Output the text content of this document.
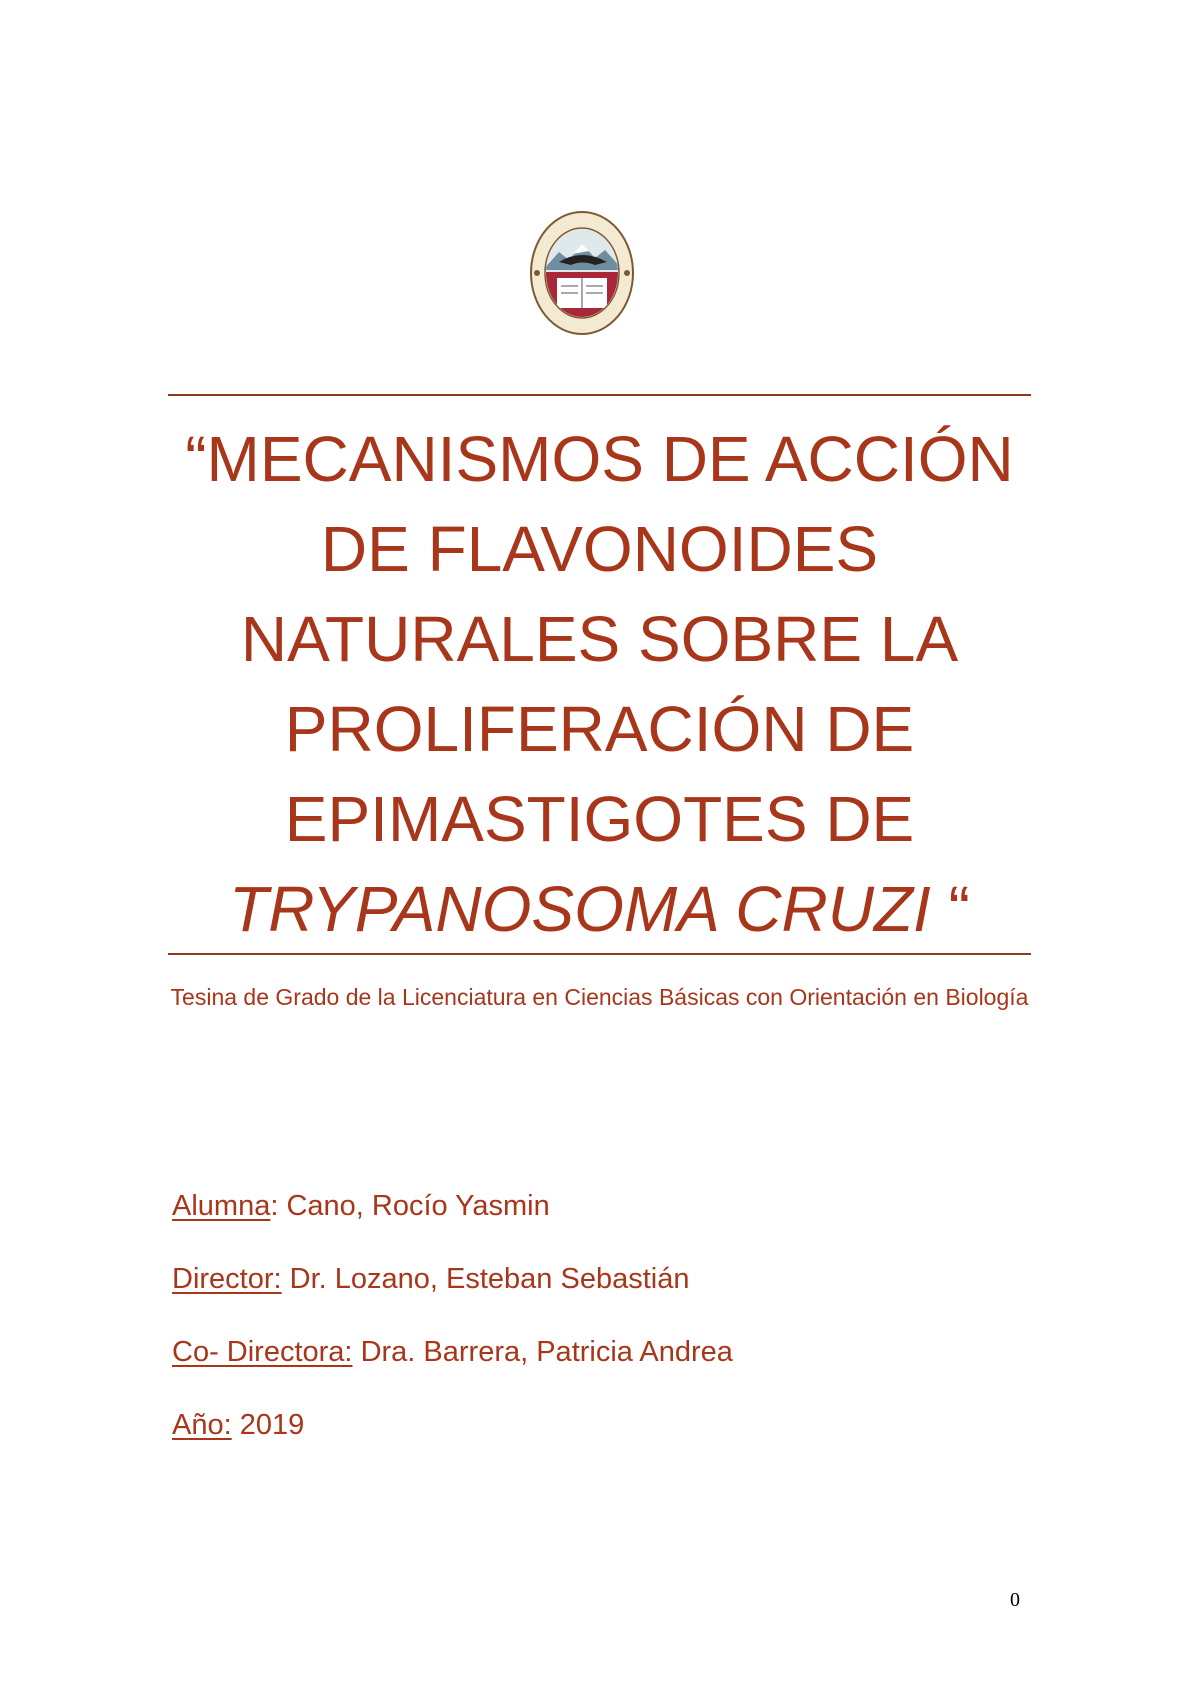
“MECANISMOS DE ACCIÓN
DE FLAVONOIDES
NATURALES SOBRE LA
PROLIFERACIÓN DE
EPIMASTIGOTES DE
TRYPANOSOMA CRUZI “
Tesina de Grado de la Licenciatura en Ciencias Básicas con Orientación en Biología
Alumna: Cano, Rocío Yasmin
Director: Dr. Lozano, Esteban Sebastián
Co- Directora: Dra. Barrera, Patricia Andrea
Año: 2019
0
